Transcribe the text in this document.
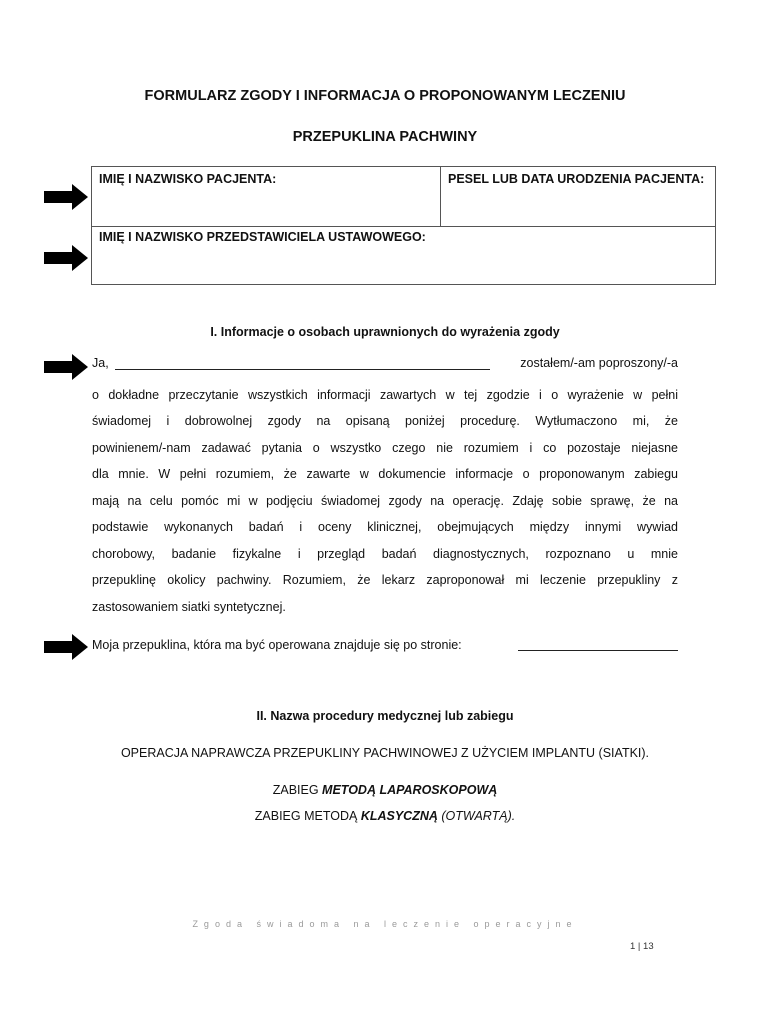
FORMULARZ ZGODY I INFORMACJA O PROPONOWANYM LECZENIU
PRZEPUKLINA PACHWINY
IMIĘ I NAZWISKO PACJENTA:	PESEL LUB DATA URODZENIA PACJENTA:
IMIĘ I NAZWISKO PRZEDSTAWICIELA USTAWOWEGO:
I. Informacje o osobach uprawnionych do wyrażenia zgody
Ja,	zostałem/-am poproszony/-a
o dokładne przeczytanie wszystkich informacji zawartych w tej zgodzie i o wyrażenie w pełni
świadomej i dobrowolnej zgody na opisaną poniżej procedurę. Wytłumaczono mi, że
powinienem/-nam zadawać pytania o wszystko czego nie rozumiem i co pozostaje niejasne
dla mnie. W pełni rozumiem, że zawarte w dokumencie informacje o proponowanym zabiegu
mają na celu pomóc mi w podjęciu świadomej zgody na operację. Zdaję sobie sprawę, że na
podstawie wykonanych badań i oceny klinicznej, obejmujących między innymi wywiad
chorobowy, badanie fizykalne i przegląd badań diagnostycznych, rozpoznano u mnie
przepuklinę okolicy pachwiny. Rozumiem, że lekarz zaproponował mi leczenie przepukliny z
zastosowaniem siatki syntetycznej.
Moja przepuklina, która ma być operowana znajduje się po stronie:
II. Nazwa procedury medycznej lub zabiegu
OPERACJA NAPRAWCZA PRZEPUKLINY PACHWINOWEJ Z UŻYCIEM IMPLANTU (SIATKI).
ZABIEG METODĄ LAPAROSKOPOWĄ
ZABIEG METODĄ KLASYCZNĄ (OTWARTĄ).
Zgoda świadoma na leczenie operacyjne
1 | 13
